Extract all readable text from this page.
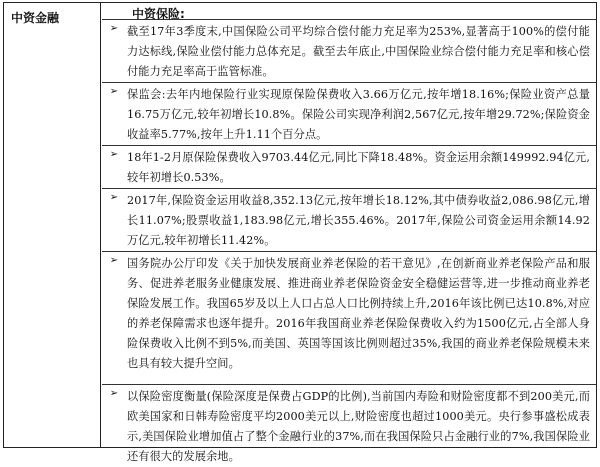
中资金融	中资保险:
➢ 截至17年3季度末,中国保险公司平均综合偿付能力充足率为253%,显著高于100%的偿付能力达标线,保险业偿付能力总体充足。截至去年底止,中国保险业综合偿付能力充足率和核心偿付能力充足率高于监管标准。
➢ 保监会:去年内地保险行业实现原保险保费收入3.66万亿元,按年增18.16%;保险业资产总量16.75万亿元,较年初增长10.8%。保险公司实现净利润2,567亿元,按年增29.72%;保险资金收益率5.77%,按年上升1.11个百分点。
➢ 18年1-2月原保险保费收入9703.44亿元,同比下降18.48%。资金运用余额149992.94亿元,较年初增长0.53%。
➢ 2017年,保险资金运用收益8,352.13亿元,按年增长18.12%,其中债券收益2,086.98亿元,增长11.07%;股票收益1,183.98亿元,增长355.46%。2017年,保险公司资金运用余额14.92万亿元,较年初增长11.42%。
➢ 国务院办公厅印发《关于加快发展商业养老保险的若干意见》,在创新商业养老保险产品和服务、促进养老服务业健康发展、推进商业养老保险资金安全稳健运营等,进一步推动商业养老保险发展工作。我国65岁及以上人口占总人口比例持续上升,2016年该比例已达10.8%,对应的养老保障需求也逐年提升。2016年我国商业养老保险保费收入约为1500亿元,占全部人身险保费收入比例不到5%,而美国、英国等国该比例则超过35%,我国的商业养老保险规模未来也具有较大提升空间。
➢ 以保险密度衡量(保险深度是保费占GDP的比例),当前国内寿险和财险密度都不到200美元,而欧美国家和日韩寿险密度平均2000美元以上,财险密度也超过1000美元。央行参事盛松成表示,美国保险业增加值占了整个金融行业的37%,而在我国保险只占金融行业的7%,我国保险业还有很大的发展余地。
